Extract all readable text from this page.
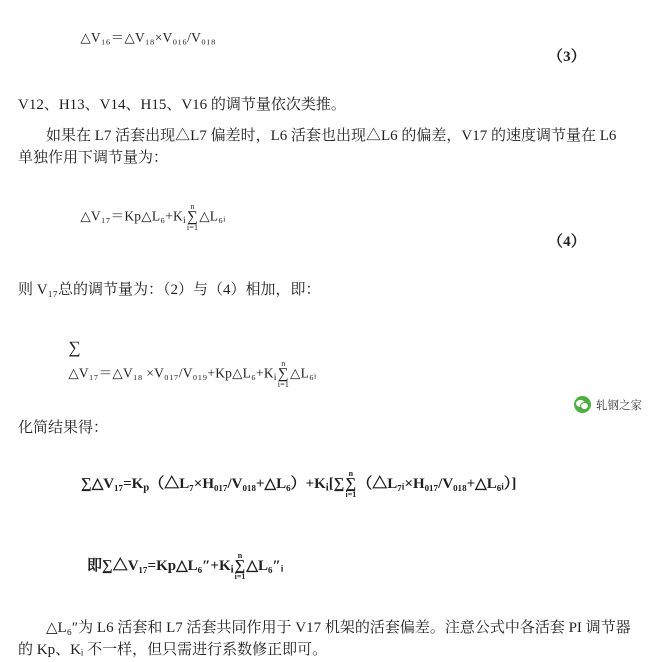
△V₁₆＝△V₁₈×V₀₁₆/V₀₁₈

（3）

V12、H13、V14、H15、V16 的调节量依次类推。
如果在 L7 活套出现△L7 偏差时，L6 活套也出现△L6 的偏差，V17 的速度调节量在 L6 单独作用下调节量为：

$\triangle V_{17}=Kp\triangle L_6+K_i$
n
∑
i=1
△L₆ᵢ

（4）

则 V₁₇总的调节量为：（2）与（4）相加，即：

∑
△V₁₇＝△V₁₈ $\times V_{017}/V_{019}+Kp\triangle L_6+K_i$
n
∑
i=1
△L₆ᵢ

化简结果得：

$\sum\triangle V_{17}=K_p(\triangle L_7\times H_{017}/V_{018}+\triangle L_6)+K_i[\sum$
n
∑
i=1
（△L₇ᵢ×H₀₁₇/V₀₁₈+△L₆ᵢ）]

即$\sum\triangle V_{17}=Kp\triangle L_6''+K_i$
n
∑
i=1
△L₆″ᵢ

△L₆″为 L6 活套和 L7 活套共同作用于 V17 机架的活套偏差。注意公式中各活套 PI 调节器的 Kp、Kᵢ 不一样，但只需进行系数修正即可。
轧钢之家
